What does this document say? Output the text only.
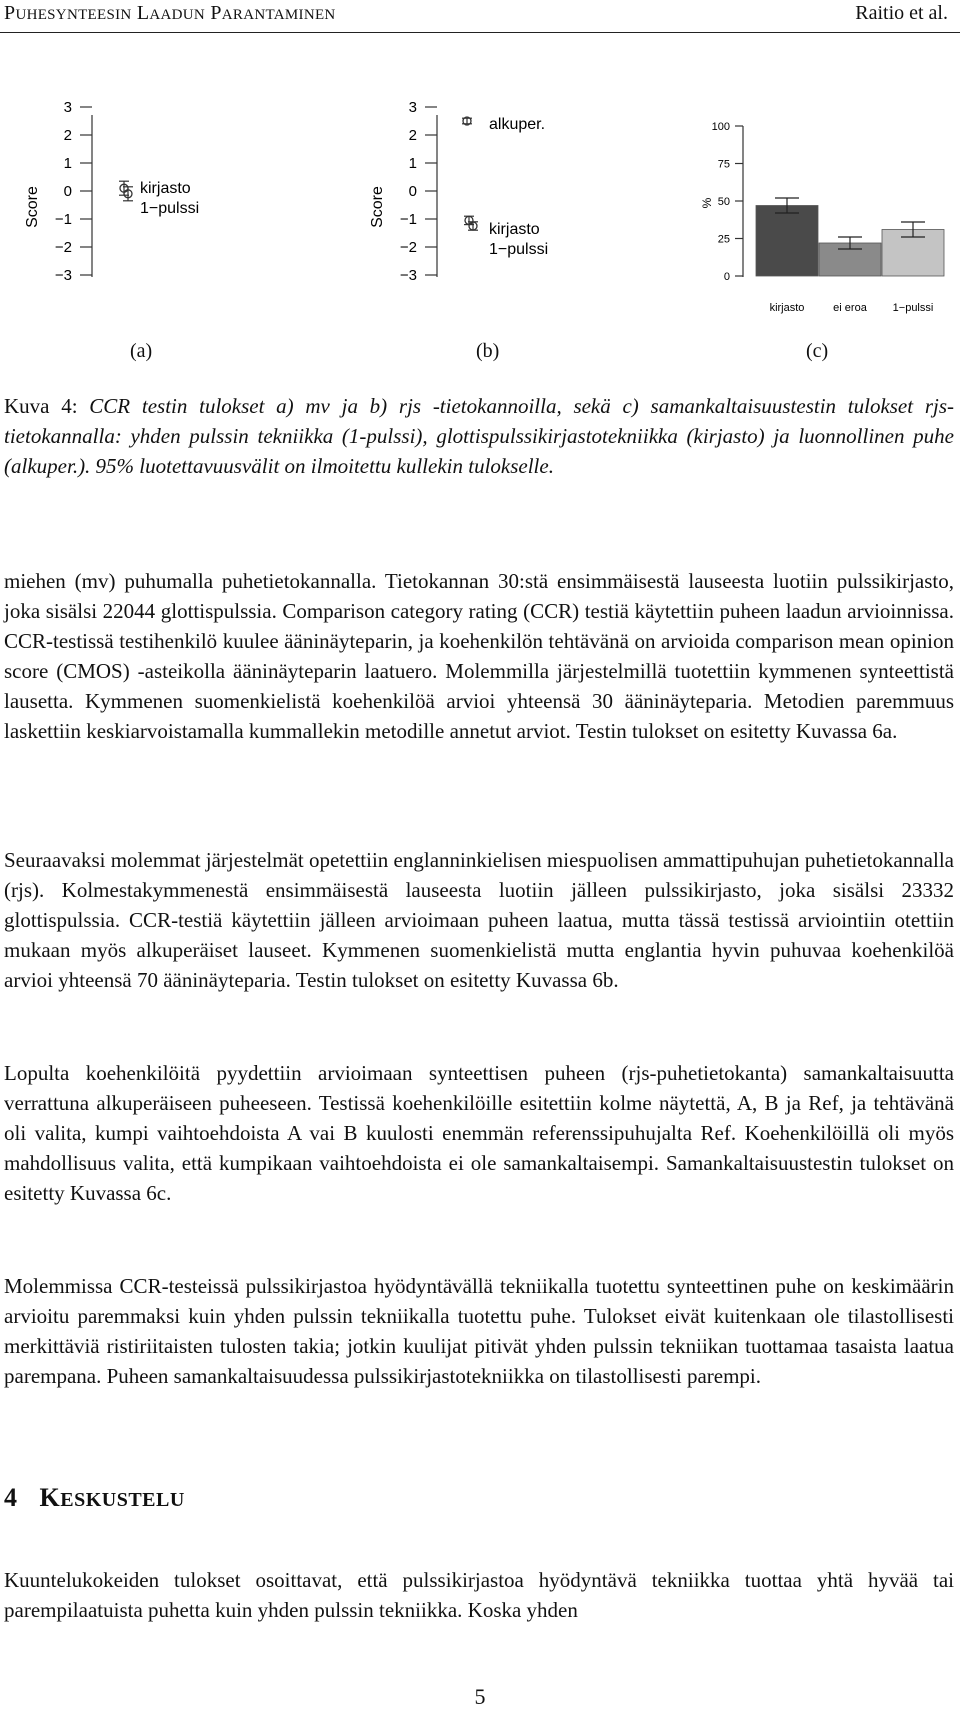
PUHESYNTEESIN LAADUN PARANTAMINEN	Raitio et al.
Score
3
2
1
0
−1
−2
−3
kirjasto
1−pulssi	Score
3
2
1
0
−1
−2
−3
alkuper.
kirjasto
1−pulssi
%
100
75
50
25
0
kirjasto	ei eroa 1−pulssi
(a)	(b)	(c)
Kuva 4: CCR testin tulokset a) mv ja b) rjs -tietokannoilla, sekä c) samankaltaisuustestin tulokset rjs-tietokannalla: yhden pulssin tekniikka (1-pulssi), glottispulssikirjastotekniikka (kirjasto) ja luonnollinen puhe (alkuper.). 95% luotettavuusvälit on ilmoitettu kullekin tulokselle.
miehen (mv) puhumalla puhetietokannalla. Tietokannan 30:stä ensimmäisestä lauseesta luotiin pulssikirjasto, joka sisälsi 22044 glottispulssia. Comparison category rating (CCR) testiä käytettiin puheen laadun arvioinnissa. CCR-testissä testihenkilö kuulee ääninäyteparin, ja koehenkilön tehtävänä on arvioida comparison mean opinion score (CMOS) -asteikolla ääninäyteparin laatuero. Molemmilla järjestelmillä tuotettiin kymmenen synteettistä lausetta. Kymmenen suomenkielistä koehenkilöä arvioi yhteensä 30 ääninäyteparia. Metodien paremmuus laskettiin keskiarvoistamalla kummallekin metodille annetut arviot. Testin tulokset on esitetty Kuvassa 6a.
Seuraavaksi molemmat järjestelmät opetettiin englanninkielisen miespuolisen ammattipuhujan puhetietokannalla (rjs). Kolmestakymmenestä ensimmäisestä lauseesta luotiin jälleen pulssikirjasto, joka sisälsi 23332 glottispulssia. CCR-testiä käytettiin jälleen arvioimaan puheen laatua, mutta tässä testissä arviointiin otettiin mukaan myös alkuperäiset lauseet. Kymmenen suomenkielistä mutta englantia hyvin puhuvaa koehenkilöä arvioi yhteensä 70 ääninäyteparia. Testin tulokset on esitetty Kuvassa 6b.
Lopulta koehenkilöitä pyydettiin arvioimaan synteettisen puheen (rjs-puhetietokanta) samankaltaisuutta verrattuna alkuperäiseen puheeseen. Testissä koehenkilöille esitettiin kolme näytettä, A, B ja Ref, ja tehtävänä oli valita, kumpi vaihtoehdoista A vai B kuulosti enemmän referenssipuhujalta Ref. Koehenkilöillä oli myös mahdollisuus valita, että kumpikaan vaihtoehdoista ei ole samankaltaisempi. Samankaltaisuustestin tulokset on esitetty Kuvassa 6c.
Molemmissa CCR-testeissä pulssikirjastoa hyödyntävällä tekniikalla tuotettu synteettinen puhe on keskimäärin arvioitu paremmaksi kuin yhden pulssin tekniikalla tuotettu puhe. Tulokset eivät kuitenkaan ole tilastollisesti merkittäviä ristiriitaisten tulosten takia; jotkin kuulijat pitivät yhden pulssin tekniikan tuottamaa tasaista laatua parempana. Puheen samankaltaisuudessa pulssikirjastotekniikka on tilastollisesti parempi.
4 KESKUSTELU
Kuuntelukokeiden tulokset osoittavat, että pulssikirjastoa hyödyntävä tekniikka tuottaa yhtä hyvää tai parempilaatuista puhetta kuin yhden pulssin tekniikka. Koska yhden
5
